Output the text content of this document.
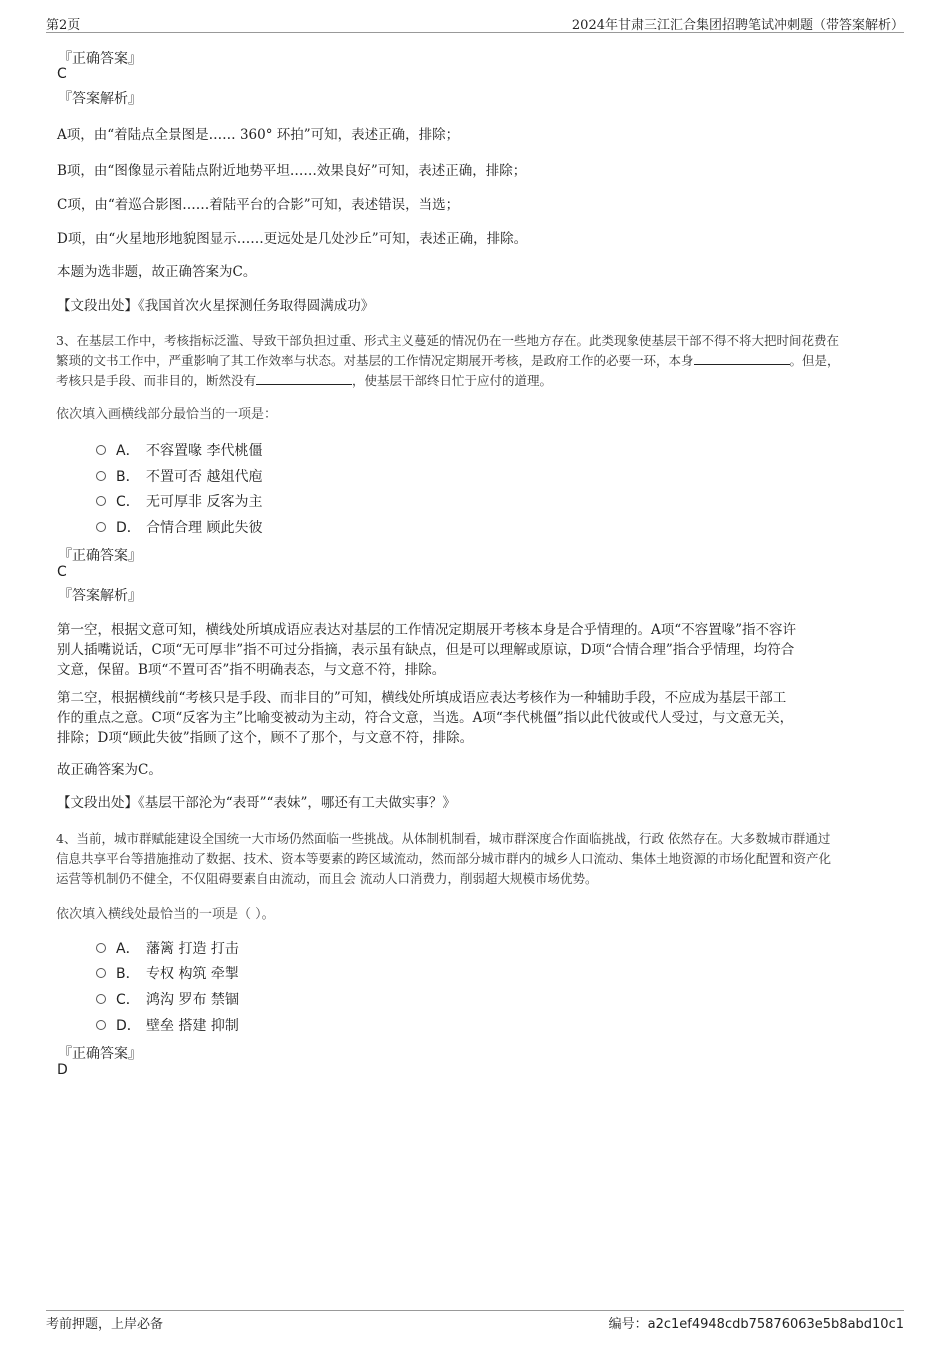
第2页	2024年甘肃三江汇合集团招聘笔试冲刺题（带答案解析）
『正确答案』
C
『答案解析』
A项，由“着陆点全景图是…… 360° 环拍”可知，表述正确，排除；
B项，由“图像显示着陆点附近地势平坦……效果良好”可知，表述正确，排除；
C项，由“着巡合影图……着陆平台的合影”可知，表述错误，当选；
D项，由“火星地形地貌图显示……更远处是几处沙丘”可知，表述正确，排除。
本题为选非题，故正确答案为C。
【文段出处】《我国首次火星探测任务取得圆满成功》
3、在基层工作中，考核指标泛滥、导致干部负担过重、形式主义蔓延的情况仍在一些地方存在。此类现象使基层干部不得不将大把时间花费在
繁琐的文书工作中，严重影响了其工作效率与状态。对基层的工作情况定期展开考核，是政府工作的必要一环，本身	。但是，
考核只是手段、而非目的，断然没有	，使基层干部终日忙于应付的道理。
依次填入画横线部分最恰当的一项是：
A． 不容置喙 李代桃僵
B． 不置可否 越俎代庖
C． 无可厚非 反客为主
D． 合情合理 顾此失彼
『正确答案』
C
『答案解析』
第一空，根据文意可知，横线处所填成语应表达对基层的工作情况定期展开考核本身是合乎情理的。A项“不容置喙”指不容许
别人插嘴说话，C项“无可厚非”指不可过分指摘，表示虽有缺点，但是可以理解或原谅，D项“合情合理”指合乎情理，均符合
文意，保留。B项“不置可否”指不明确表态，与文意不符，排除。
第二空，根据横线前“考核只是手段、而非目的”可知，横线处所填成语应表达考核作为一种辅助手段，不应成为基层干部工
作的重点之意。C项“反客为主”比喻变被动为主动，符合文意，当选。A项“李代桃僵”指以此代彼或代人受过，与文意无关，
排除；D项“顾此失彼”指顾了这个，顾不了那个，与文意不符，排除。
故正确答案为C。
【文段出处】《基层干部沦为“表哥”“表妹”，哪还有工夫做实事？》
4、当前，城市群赋能建设全国统一大市场仍然面临一些挑战。从体制机制看，城市群深度合作面临挑战，行政 依然存在。大多数城市群通过
信息共享平台等措施推动了数据、技术、资本等要素的跨区域流动，然而部分城市群内的城乡人口流动、集体土地资源的市场化配置和资产化
运营等机制仍不健全，不仅阻碍要素自由流动，而且会 流动人口消费力，削弱超大规模市场优势。
依次填入横线处最恰当的一项是（ ）。
A． 藩篱 打造 打击
B． 专权 构筑 牵掣
C． 鸿沟 罗布 禁锢
D． 壁垒 搭建 抑制
『正确答案』
D
考前押题，上岸必备	编号：a2c1ef4948cdb75876063e5b8abd10c1
